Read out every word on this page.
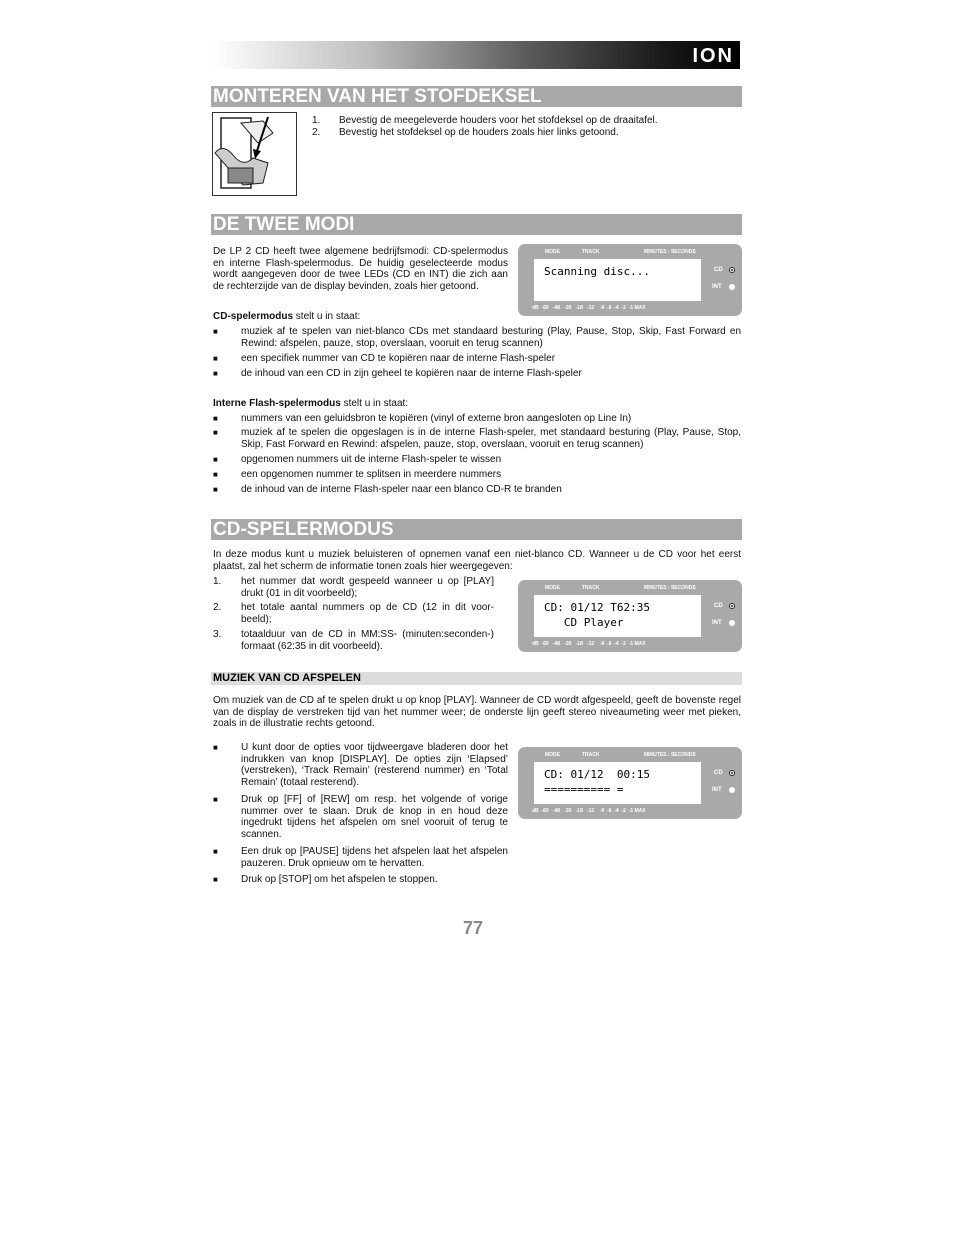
ION
MONTEREN VAN HET STOFDEKSEL
1. Bevestig de meegeleverde houders voor het stofdeksel op de draaitafel.
2. Bevestig het stofdeksel op de houders zoals hier links getoond.
DE TWEE MODI
De LP 2 CD heeft twee algemene bedrijfsmodi: CD-spelermodus en interne Flash-spelermodus. De huidig geselecteerde modus wordt aangegeven door de twee LEDs (CD en INT) die zich aan de rechterzijde van de display bevinden, zoals hier getoond.
MODE	TRACK	MINUTES : SECONDS
Scanning disc...	CD
INT
dB  -60   -48   -30   -18   -12    -9  -6  -4  -2  -1 MAX
CD-spelermodus stelt u in staat:
■ muziek af te spelen van niet-blanco CDs met standaard besturing (Play, Pause, Stop, Skip, Fast Forward en Rewind: afspelen, pauze, stop, overslaan, vooruit en terug scannen)
■ een specifiek nummer van CD te kopiëren naar de interne Flash-speler
■ de inhoud van een CD in zijn geheel te kopiëren naar de interne Flash-speler
Interne Flash-spelermodus stelt u in staat:
■ nummers van een geluidsbron te kopiëren (vinyl of externe bron aangesloten op Line In)
■ muziek af te spelen die opgeslagen is in de interne Flash-speler, met standaard besturing (Play, Pause, Stop, Skip, Fast Forward en Rewind: afspelen, pauze, stop, overslaan, vooruit en terug scannen)
■ opgenomen nummers uit de interne Flash-speler te wissen
■ een opgenomen nummer te splitsen in meerdere nummers
■ de inhoud van de interne Flash-speler naar een blanco CD-R te branden
CD-SPELERMODUS
In deze modus kunt u muziek beluisteren of opnemen vanaf een niet-blanco CD. Wanneer u de CD voor het eerst plaatst, zal het scherm de informatie tonen zoals hier weergegeven:
1. het nummer dat wordt gespeeld wanneer u op [PLAY] drukt (01 in dit voorbeeld);
2. het totale aantal nummers op de CD (12 in dit voor-beeld);
3. totaalduur van de CD in MM:SS- (minuten:seconden-) formaat (62:35 in dit voorbeeld).
MODE	TRACK	MINUTES : SECONDS
CD: 01/12 T62:35
CD Player
CD
INT
dB  -60   -48   -30   -18   -12    -9  -6  -4  -2  -1 MAX
MUZIEK VAN CD AFSPELEN
Om muziek van de CD af te spelen drukt u op knop [PLAY]. Wanneer de CD wordt afgespeeld, geeft de bovenste regel van de display de verstreken tijd van het nummer weer; de onderste lijn geeft stereo niveaumeting weer met pieken, zoals in de illustratie rechts getoond.
■ U kunt door de opties voor tijdweergave bladeren door het indrukken van knop [DISPLAY]. De opties zijn ‘Elapsed’ (verstreken), ‘Track Remain’ (resterend nummer) en ‘Total Remain’ (totaal resterend).
■ Druk op [FF] of [REW] om resp. het volgende of vorige nummer over te slaan. Druk de knop in en houd deze ingedrukt tijdens het afspelen om snel vooruit of terug te scannen.
■ Een druk op [PAUSE] tijdens het afspelen laat het afspelen pauzeren. Druk opnieuw om te hervatten.
■ Druk op [STOP] om het afspelen te stoppen.
MODE	TRACK	MINUTES : SECONDS
CD: 01/12  00:15
========== =
CD
INT
dB  -60   -48   -30   -18   -12    -9  -6  -4  -2  -1 MAX
77
